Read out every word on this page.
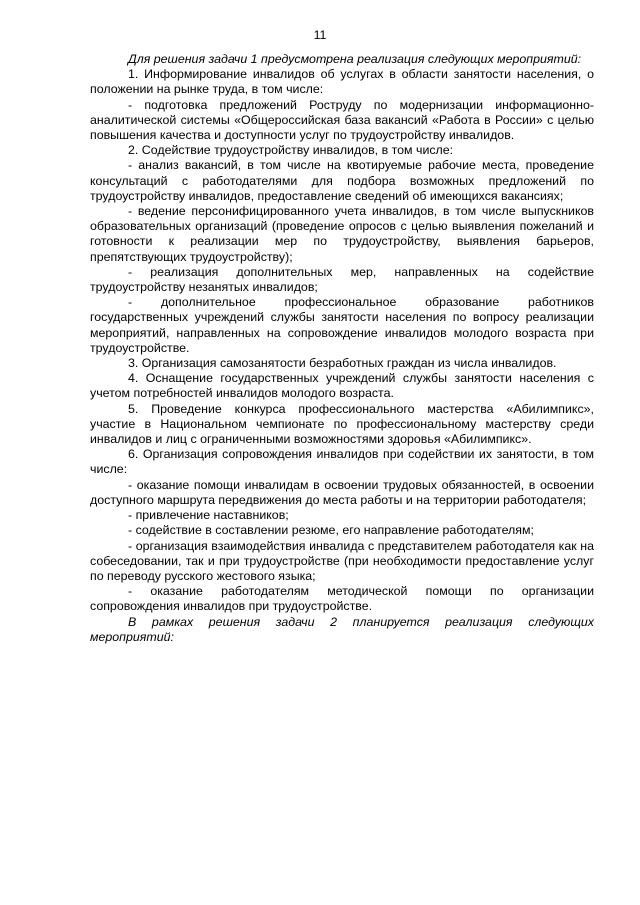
11

Для решения задачи 1 предусмотрена реализация следующих мероприятий:

1. Информирование инвалидов об услугах в области занятости населения, о положении на рынке труда, в том числе:

- подготовка предложений Роструду по модернизации информационно-аналитической системы «Общероссийская база вакансий «Работа в России» с целью повышения качества и доступности услуг по трудоустройству инвалидов.

2. Содействие трудоустройству инвалидов, в том числе:

- анализ вакансий, в том числе на квотируемые рабочие места, проведение консультаций с работодателями для подбора возможных предложений по трудоустройству инвалидов, предоставление сведений об имеющихся вакансиях;

- ведение персонифицированного учета инвалидов, в том числе выпускников образовательных организаций (проведение опросов с целью выявления пожеланий и готовности к реализации мер по трудоустройству, выявления барьеров, препятствующих трудоустройству);

- реализация дополнительных мер, направленных на содействие трудоустройству незанятых инвалидов;

- дополнительное профессиональное образование работников государственных учреждений службы занятости населения по вопросу реализации мероприятий, направленных на сопровождение инвалидов молодого возраста при трудоустройстве.

3. Организация самозанятости безработных граждан из числа инвалидов.

4. Оснащение государственных учреждений службы занятости населения с учетом потребностей инвалидов молодого возраста.

5. Проведение конкурса профессионального мастерства «Абилимпикс», участие в Национальном чемпионате по профессиональному мастерству среди инвалидов и лиц с ограниченными возможностями здоровья «Абилимпикс».

6. Организация сопровождения инвалидов при содействии их занятости, в том числе:

- оказание помощи инвалидам в освоении трудовых обязанностей, в освоении доступного маршрута передвижения до места работы и на территории работодателя;

- привлечение наставников;

- содействие в составлении резюме, его направление работодателям;

- организация взаимодействия инвалида с представителем работодателя как на собеседовании, так и при трудоустройстве (при необходимости предоставление услуг по переводу русского жестового языка;

- оказание работодателям методической помощи по организации сопровождения инвалидов при трудоустройстве.

В рамках решения задачи 2 планируется реализация следующих мероприятий:
